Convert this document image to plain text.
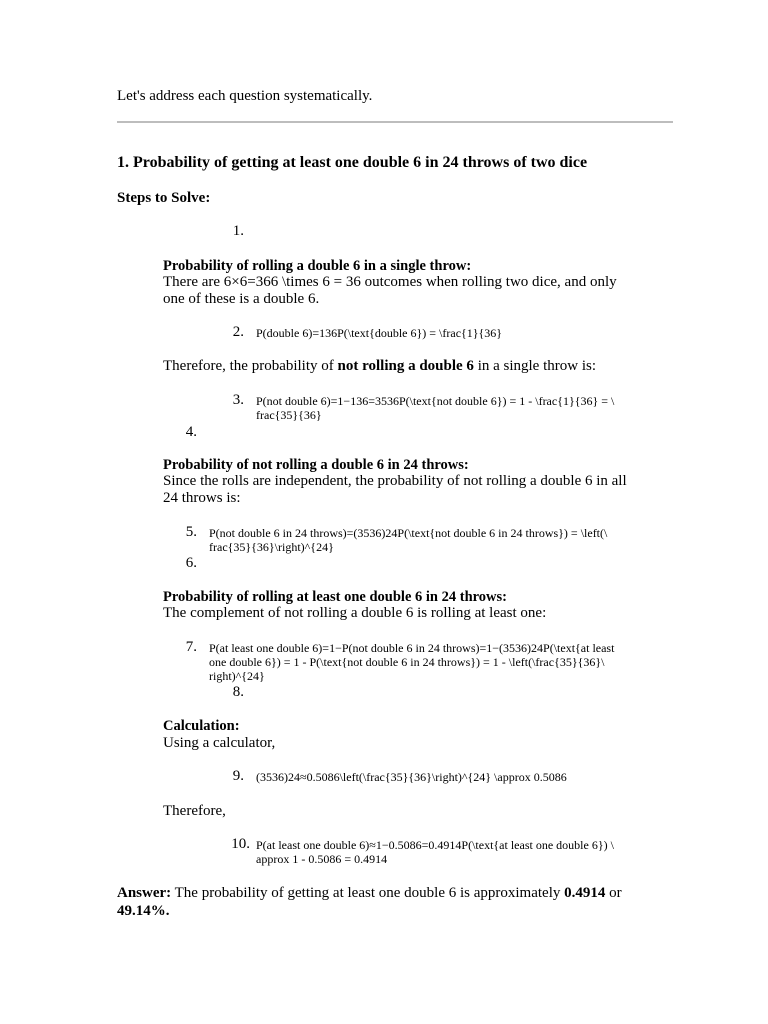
Let's address each question systematically.
1. Probability of getting at least one double 6 in 24 throws of two dice
Steps to Solve:
1.
Probability of rolling a double 6 in a single throw:
There are 6×6=366 \times 6 = 36 outcomes when rolling two dice, and only
one of these is a double 6.
2. P(double 6)=136P(\text{double 6}) = \frac{1}{36}
Therefore, the probability of not rolling a double 6 in a single throw is:
3. P(not double 6)=1−136=3536P(\text{not double 6}) = 1 - \frac{1}{36} = \
frac{35}{36}
4.
Probability of not rolling a double 6 in 24 throws:
Since the rolls are independent, the probability of not rolling a double 6 in all
24 throws is:
5. P(not double 6 in 24 throws)=(3536)24P(\text{not double 6 in 24 throws}) = \left(\
frac{35}{36}\right)^{24}
6.
Probability of rolling at least one double 6 in 24 throws:
The complement of not rolling a double 6 is rolling at least one:
7. P(at least one double 6)=1−P(not double 6 in 24 throws)=1−(3536)24P(\text{at least
one double 6}) = 1 - P(\text{not double 6 in 24 throws}) = 1 - \left(\frac{35}{36}\
right)^{24}
8.
Calculation:
Using a calculator,
9. (3536)24≈0.5086\left(\frac{35}{36}\right)^{24} \approx 0.5086
Therefore,
10. P(at least one double 6)≈1−0.5086=0.4914P(\text{at least one double 6}) \
approx 1 - 0.5086 = 0.4914
Answer: The probability of getting at least one double 6 is approximately 0.4914 or
49.14%.
